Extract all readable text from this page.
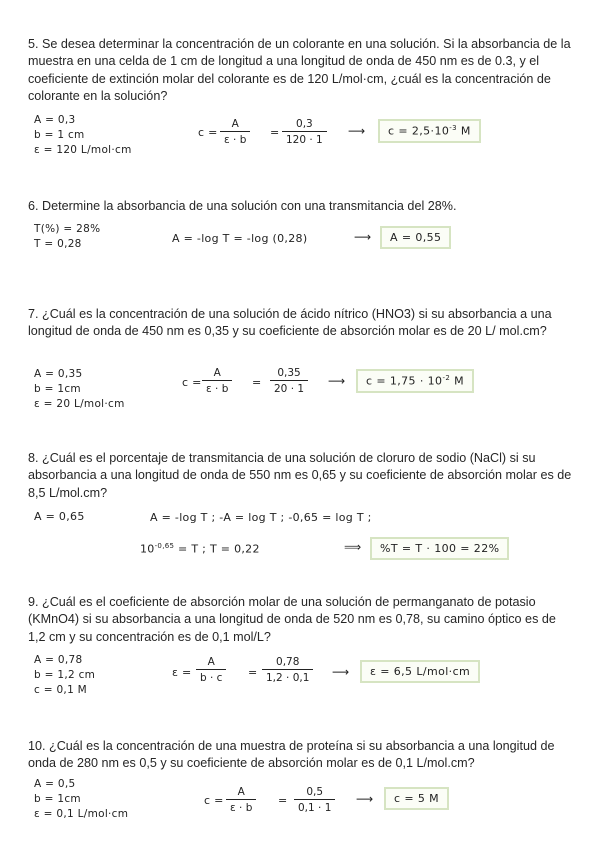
5. Se desea determinar la concentración de un colorante en una solución. Si la absorbancia de la muestra en una celda de 1 cm de longitud a una longitud de onda de 450 nm es de 0.3, y el coeficiente de extinción molar del colorante es de 120 L/mol·cm, ¿cuál es la concentración de colorante en la solución?

A = 0,3
b = 1 cm
ε = 120 L/mol·cm
$c = \frac{A}{\varepsilon \cdot b} = \frac{0,3}{120 \cdot 1}$ ⟶	$c = 2,5\cdot 10^{-3}$ M

6. Determine la absorbancia de una solución con una transmitancia del 28%.

T(%) = 28%
T = 0,28	A = -log T = -log (0,28)	⟶	A = 0,55

7. ¿Cuál es la concentración de una solución de ácido nítrico (HNO3) si su absorbancia a una longitud de onda de 450 nm es 0,35 y su coeficiente de absorción molar es de 20 L/ mol.cm?

A = 0,35
b = 1cm
ε = 20 L/mol·cm
$c = \frac{A}{\varepsilon \cdot b} = \frac{0,35}{20 \cdot 1}$ ⟶	$c = 1,75 \cdot 10^{-2}$ M

8. ¿Cuál es el porcentaje de transmitancia de una solución de cloruro de sodio (NaCl) si su absorbancia a una longitud de onda de 550 nm es 0,65 y su coeficiente de absorción molar es de 8,5 L/mol.cm?

A = 0,65	A = -log T ; -A = log T ; -0,65 = log T ;
$10^{-0,65} = T$ ; T = 0,22	⟹	%T = T · 100 = 22%

9. ¿Cuál es el coeficiente de absorción molar de una solución de permanganato de potasio (KMnO4) si su absorbancia a una longitud de onda de 520 nm es 0,78, su camino óptico es de 1,2 cm y su concentración es de 0,1 mol/L?

A = 0,78
b = 1,2 cm
c = 0,1 M
$\varepsilon = \frac{A}{b \cdot c} = \frac{0,78}{1,2 \cdot 0,1}$ ⟶	ε = 6,5 L/mol·cm

10. ¿Cuál es la concentración de una muestra de proteína si su absorbancia a una longitud de onda de 280 nm es 0,5 y su coeficiente de absorción molar es de 0,1 L/mol.cm?

A = 0,5
b = 1cm
ε = 0,1 L/mol·cm
$c = \frac{A}{\varepsilon \cdot b} = \frac{0,5}{0,1 \cdot 1}$ ⟶	c = 5 M
